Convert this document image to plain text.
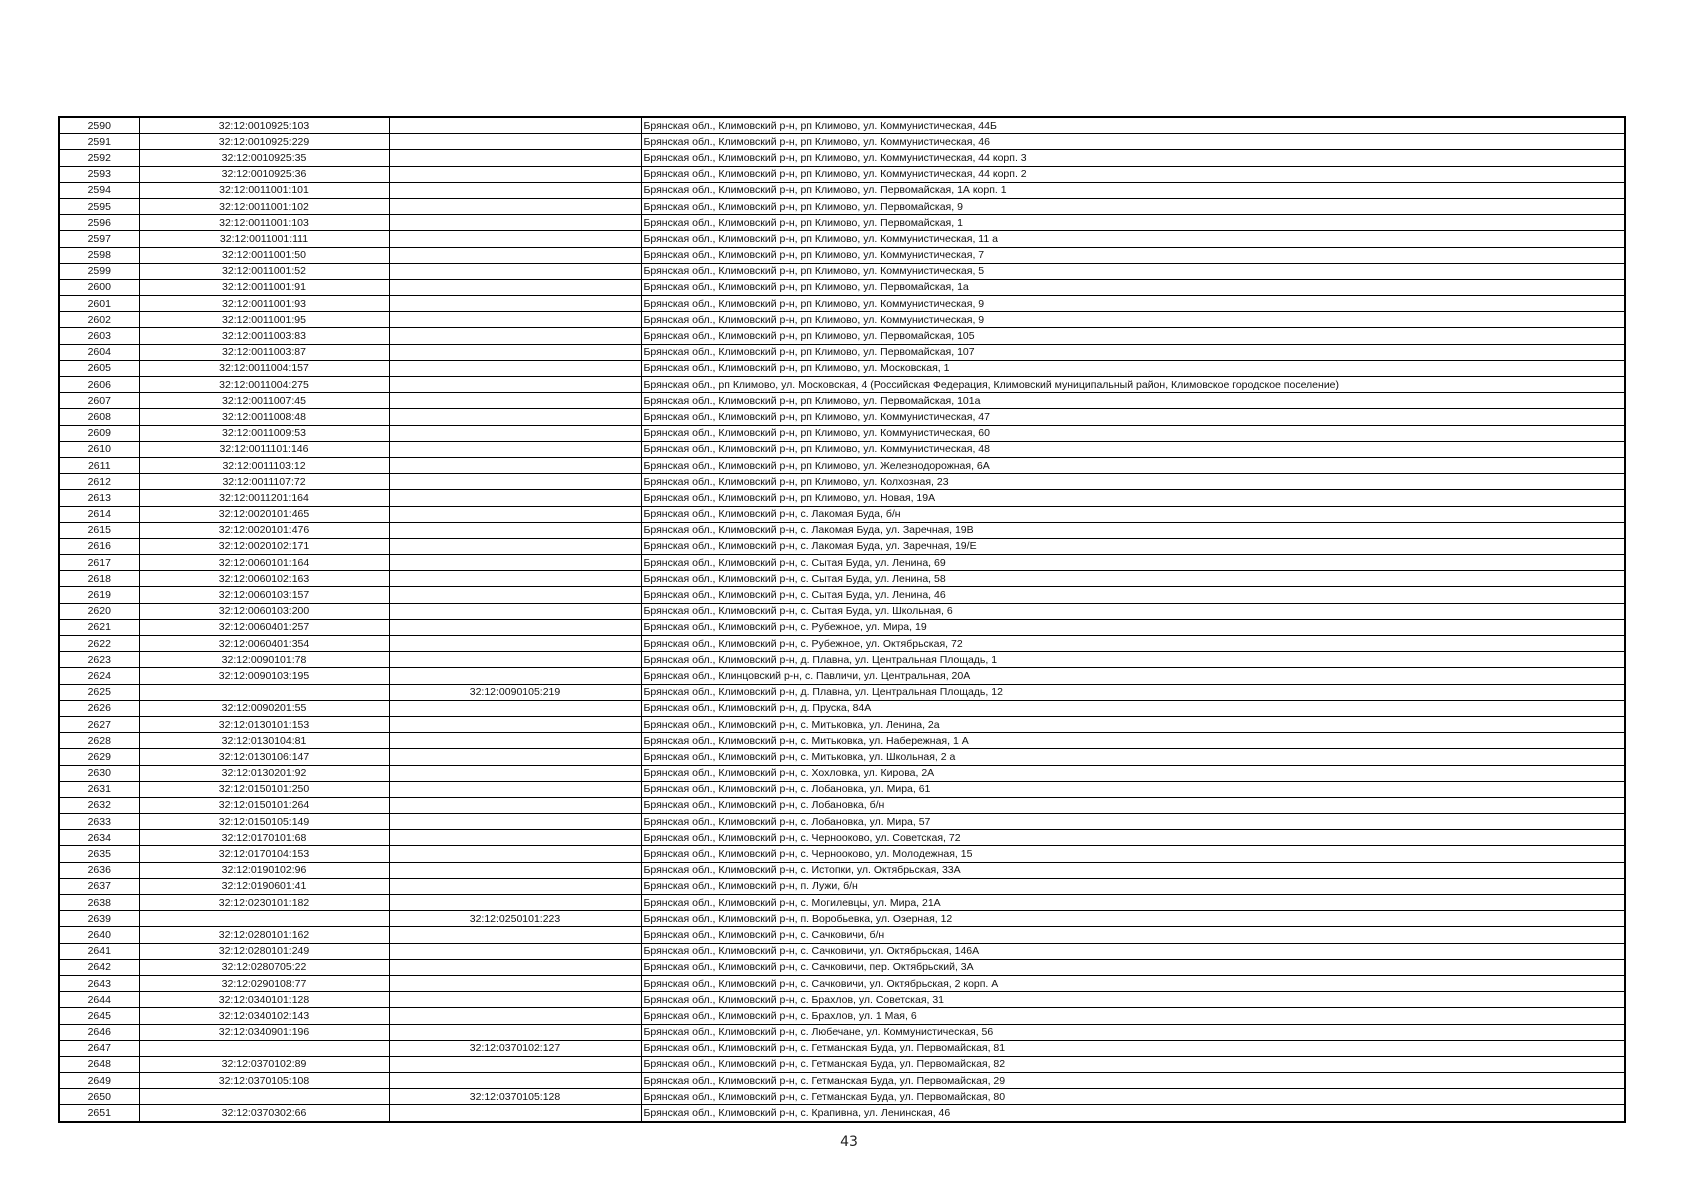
2590	32:12:0010925:103		Брянская обл., Климовский р-н, рп Климово, ул. Коммунистическая, 44Б
2591	32:12:0010925:229		Брянская обл., Климовский р-н, рп Климово, ул. Коммунистическая, 46
2592	32:12:0010925:35		Брянская обл., Климовский р-н, рп Климово, ул. Коммунистическая, 44 корп. 3
2593	32:12:0010925:36		Брянская обл., Климовский р-н, рп Климово, ул. Коммунистическая, 44 корп. 2
2594	32:12:0011001:101		Брянская обл., Климовский р-н, рп Климово, ул. Первомайская, 1А корп. 1
2595	32:12:0011001:102		Брянская обл., Климовский р-н, рп Климово, ул. Первомайская, 9
2596	32:12:0011001:103		Брянская обл., Климовский р-н, рп Климово, ул. Первомайская, 1
2597	32:12:0011001:111		Брянская обл., Климовский р-н, рп Климово, ул. Коммунистическая, 11 а
2598	32:12:0011001:50		Брянская обл., Климовский р-н, рп Климово, ул. Коммунистическая, 7
2599	32:12:0011001:52		Брянская обл., Климовский р-н, рп Климово, ул. Коммунистическая, 5
2600	32:12:0011001:91		Брянская обл., Климовский р-н, рп Климово, ул. Первомайская, 1а
2601	32:12:0011001:93		Брянская обл., Климовский р-н, рп Климово, ул. Коммунистическая, 9
2602	32:12:0011001:95		Брянская обл., Климовский р-н, рп Климово, ул. Коммунистическая, 9
2603	32:12:0011003:83		Брянская обл., Климовский р-н, рп Климово, ул. Первомайская, 105
2604	32:12:0011003:87		Брянская обл., Климовский р-н, рп Климово, ул. Первомайская, 107
2605	32:12:0011004:157		Брянская обл., Климовский р-н, рп Климово, ул. Московская, 1
2606	32:12:0011004:275		Брянская обл., рп Климово, ул. Московская, 4 (Российская Федерация, Климовский муниципальный район, Климовское городское поселение)
2607	32:12:0011007:45		Брянская обл., Климовский р-н, рп Климово, ул. Первомайская, 101а
2608	32:12:0011008:48		Брянская обл., Климовский р-н, рп Климово, ул. Коммунистическая, 47
2609	32:12:0011009:53		Брянская обл., Климовский р-н, рп Климово, ул. Коммунистическая, 60
2610	32:12:0011101:146		Брянская обл., Климовский р-н, рп Климово, ул. Коммунистическая, 48
2611	32:12:0011103:12		Брянская обл., Климовский р-н, рп Климово, ул. Железнодорожная, 6А
2612	32:12:0011107:72		Брянская обл., Климовский р-н, рп Климово, ул. Колхозная, 23
2613	32:12:0011201:164		Брянская обл., Климовский р-н, рп Климово, ул. Новая, 19А
2614	32:12:0020101:465		Брянская обл., Климовский р-н, с. Лакомая Буда, б/н
2615	32:12:0020101:476		Брянская обл., Климовский р-н, с. Лакомая Буда, ул. Заречная, 19В
2616	32:12:0020102:171		Брянская обл., Климовский р-н, с. Лакомая Буда, ул. Заречная, 19/Е
2617	32:12:0060101:164		Брянская обл., Климовский р-н, с. Сытая Буда, ул. Ленина, 69
2618	32:12:0060102:163		Брянская обл., Климовский р-н, с. Сытая Буда, ул. Ленина, 58
2619	32:12:0060103:157		Брянская обл., Климовский р-н, с. Сытая Буда, ул. Ленина, 46
2620	32:12:0060103:200		Брянская обл., Климовский р-н, с. Сытая Буда, ул. Школьная, 6
2621	32:12:0060401:257		Брянская обл., Климовский р-н, с. Рубежное, ул. Мира, 19
2622	32:12:0060401:354		Брянская обл., Климовский р-н, с. Рубежное, ул. Октябрьская, 72
2623	32:12:0090101:78		Брянская обл., Климовский р-н, д. Плавна, ул. Центральная Площадь, 1
2624	32:12:0090103:195		Брянская обл., Клинцовский р-н, с. Павличи, ул. Центральная, 20А
2625		32:12:0090105:219	Брянская обл., Климовский р-н, д. Плавна, ул. Центральная Площадь, 12
2626	32:12:0090201:55		Брянская обл., Климовский р-н, д. Пруска, 84А
2627	32:12:0130101:153		Брянская обл., Климовский р-н, с. Митьковка, ул. Ленина, 2а
2628	32:12:0130104:81		Брянская обл., Климовский р-н, с. Митьковка, ул. Набережная, 1 А
2629	32:12:0130106:147		Брянская обл., Климовский р-н, с. Митьковка, ул. Школьная, 2 а
2630	32:12:0130201:92		Брянская обл., Климовский р-н, с. Хохловка, ул. Кирова, 2А
2631	32:12:0150101:250		Брянская обл., Климовский р-н, с. Лобановка, ул. Мира, 61
2632	32:12:0150101:264		Брянская обл., Климовский р-н, с. Лобановка, б/н
2633	32:12:0150105:149		Брянская обл., Климовский р-н, с. Лобановка, ул. Мира, 57
2634	32:12:0170101:68		Брянская обл., Климовский р-н, с. Чернооково, ул. Советская, 72
2635	32:12:0170104:153		Брянская обл., Климовский р-н, с. Чернооково, ул. Молодежная, 15
2636	32:12:0190102:96		Брянская обл., Климовский р-н, с. Истопки, ул. Октябрьская, 33А
2637	32:12:0190601:41		Брянская обл., Климовский р-н, п. Лужи, б/н
2638	32:12:0230101:182		Брянская обл., Климовский р-н, с. Могилевцы, ул. Мира, 21А
2639		32:12:0250101:223	Брянская обл., Климовский р-н, п. Воробьевка, ул. Озерная, 12
2640	32:12:0280101:162		Брянская обл., Климовский р-н, с. Сачковичи, б/н
2641	32:12:0280101:249		Брянская обл., Климовский р-н, с. Сачковичи, ул. Октябрьская, 146А
2642	32:12:0280705:22		Брянская обл., Климовский р-н, с. Сачковичи, пер. Октябрьский, 3А
2643	32:12:0290108:77		Брянская обл., Климовский р-н, с. Сачковичи, ул. Октябрьская, 2 корп. А
2644	32:12:0340101:128		Брянская обл., Климовский р-н, с. Брахлов, ул. Советская, 31
2645	32:12:0340102:143		Брянская обл., Климовский р-н, с. Брахлов, ул. 1 Мая, 6
2646	32:12:0340901:196		Брянская обл., Климовский р-н, с. Любечане, ул. Коммунистическая, 56
2647		32:12:0370102:127	Брянская обл., Климовский р-н, с. Гетманская Буда, ул. Первомайская, 81
2648	32:12:0370102:89		Брянская обл., Климовский р-н, с. Гетманская Буда, ул. Первомайская, 82
2649	32:12:0370105:108		Брянская обл., Климовский р-н, с. Гетманская Буда, ул. Первомайская, 29
2650		32:12:0370105:128	Брянская обл., Климовский р-н, с. Гетманская Буда, ул. Первомайская, 80
2651	32:12:0370302:66		Брянская обл., Климовский р-н, с. Крапивна, ул. Ленинская, 46
43
